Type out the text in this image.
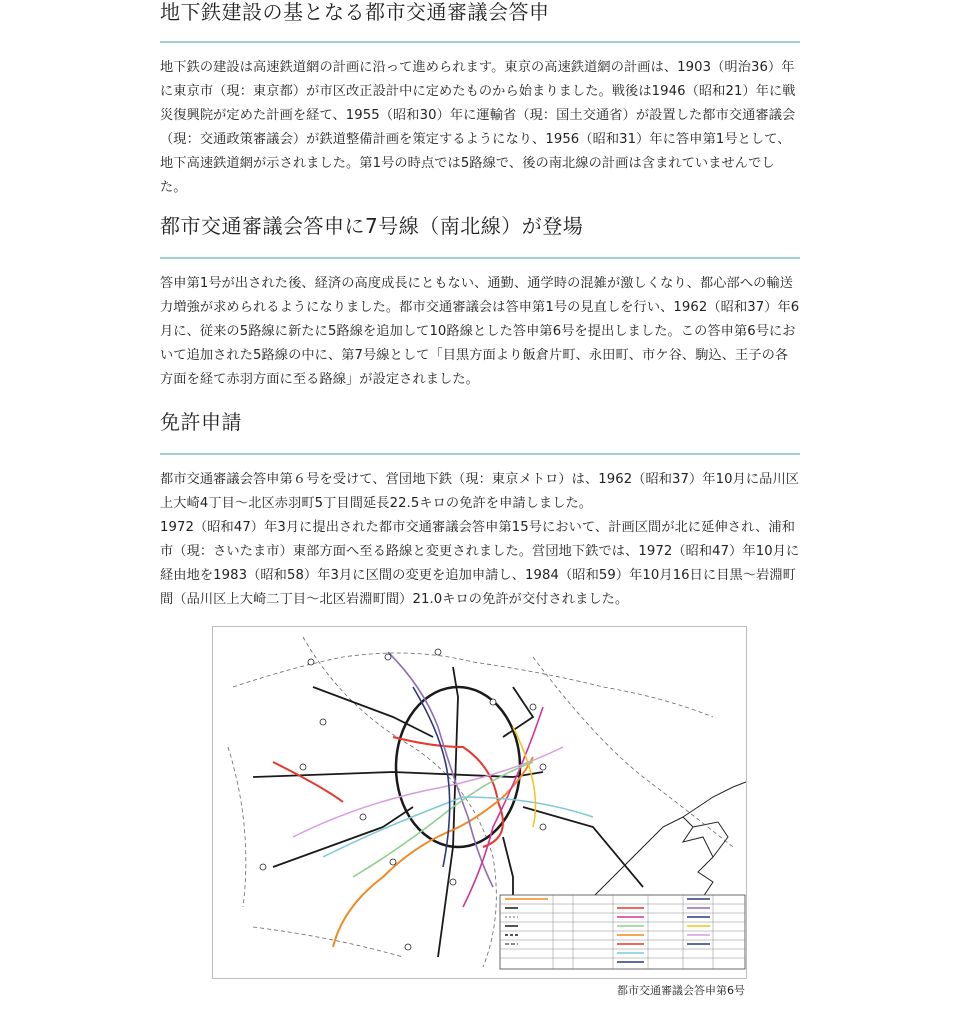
地下鉄建設の基となる都市交通審議会答申

地下鉄の建設は高速鉄道網の計画に沿って進められます。東京の高速鉄道網の計画は、1903（明治36）年に東京市（現：東京都）が市区改正設計中に定めたものから始まりました。戦後は1946（昭和21）年に戦災復興院が定めた計画を経て、1955（昭和30）年に運輸省（現：国土交通省）が設置した都市交通審議会（現：交通政策審議会）が鉄道整備計画を策定するようになり、1956（昭和31）年に答申第1号として、地下高速鉄道網が示されました。第1号の時点では5路線で、後の南北線の計画は含まれていませんでした。

都市交通審議会答申に7号線（南北線）が登場

答申第1号が出された後、経済の高度成長にともない、通勤、通学時の混雑が激しくなり、都心部への輸送力増強が求められるようになりました。都市交通審議会は答申第1号の見直しを行い、1962（昭和37）年6月に、従来の5路線に新たに5路線を追加して10路線とした答申第6号を提出しました。この答申第6号において追加された5路線の中に、第7号線として「目黒方面より飯倉片町、永田町、市ケ谷、駒込、王子の各方面を経て赤羽方面に至る路線」が設定されました。

免許申請

都市交通審議会答申第６号を受けて、営団地下鉄（現：東京メトロ）は、1962（昭和37）年10月に品川区上大崎4丁目～北区赤羽町5丁目間延長22.5キロの免許を申請しました。

1972（昭和47）年3月に提出された都市交通審議会答申第15号において、計画区間が北に延伸され、浦和市（現：さいたま市）東部方面へ至る路線と変更されました。営団地下鉄では、1972（昭和47）年10月に経由地を1983（昭和58）年3月に区間の変更を追加申請し、1984（昭和59）年10月16日に目黒～岩淵町間（品川区上大崎二丁目～北区岩淵町間）21.0キロの免許が交付されました。

都市交通審議会答申第6号
